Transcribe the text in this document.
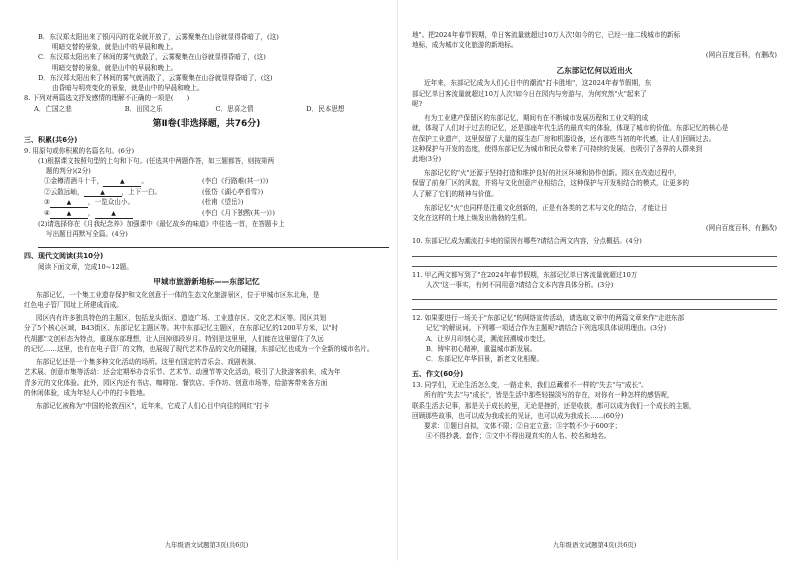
B．东汉郑太阳出来了银闪闪的花朵就开放了，云雾聚集在山谷就显得昏暗了，(这)
明暗交替的景象，就是山中的早晨和晚上。
C．东汉郑太阳出来了林间的雾气就散了，云雾聚集在山谷就显得昏暗了，(这)
明暗交替的景象，就是山中的早晨和晚上。
D．东汉郑太阳出来了林间的雾气就消散了，云雾聚集在山谷就显得昏暗了，(这)
由昏暗与明亮变化的景象，就是山中的早晨和晚上。
8. 下列对两篇选文抒发感情的理解不正确的一项是(　　)
A．亡国之悲	B．田园之乐	C．思喜之情	D．民本思想
第Ⅱ卷(非选择题，共76分)
三、积累(共6分)
9. 用原句或你积累的名篇名句。(6分)
(1)根据课文按照句型的上句和下句。(任选其中两题作答，如三题都答，则按第两
题的判分)(2分)
①金樽清酒斗十千，	▲	。	(李白《行路难(其一)》)
②云散远岫，	▲	，上下一白。	(张岱《湖心亭看雪》)
③	▲	，一览众山小。	(杜甫《望岳》)
④	▲	，	▲	(李白《月下独酌(其一)》)
(2)请选择你在《月我纪念养》加强课中《最忆故乡的味道》中往选一首，在答题卡上
写出题目再默写全篇。(4分)
四、现代文阅读(共10分)
阅读下面文章，完成10~12题。
甲城市旅游新地标——东部记忆
东部记忆，一个集工业遗存保护和文化创意于一体的生态文化旅游景区，位于甲城市区东北角，是
红色电子管厂园址上所建成而成。
园区内有许多独具特色的主题区，包括龙头街区、遗迹广场、工业遗存区、文化艺术区等。园区共划
分了5个核心区域，B43街区、东部记忆主题区等。其中东部记忆主题区，在东部记忆的1200平方米，以"时
代胡鄙"文创形态为特点，重现东部理想，让人回掉那段岁月。特别是这里里，人们能在这里留住了久远
的记忆……这里，也有在电子管厂的文物，也展现了现代艺术作品的文化的碰撞，东部记忆也成为一个全新的城市名片。
东部记忆还是一个集多种文化活动的场所。这里有国定的音乐会、戏剧表演、
艺术展、创意市集等活动：还会定期举办音乐节、艺术节、动漫节等文化活动，吸引了大批游客前来，成为年
青多元的文化体验。此外，园区内还有书店、咖啡馆、餐饮店、手作坊、创意市场等，给游客带来各方面
的休闲体验，成为年轻人心中的打卡胜地。
东部记忆被称为"中国的伦敦西区"，近年来，它成了人们心目中向往的网红"打卡
九年级语文试题第3页(共6页)
地"。把2024年春节假期，单日客流量就超过10万人次!如今的它，已经一座二线城市的新标
地标，成为城市文化旅游的新地标。
(网自百度百科，有删改)
乙东部记忆何以近出火
近年来，东部记忆成为人们心目中的潮流"打卡胜地"，这2024年春节假期，东
部记忆单日客流量就超过10万人次!如今日在园内与旁游与，为何究然"火"起来了
呢?
有为工业建产保留区的东部记忆，期间有在不断城市发展历程和工业文明的成
就，体现了人们对于过去的记忆，还是那座年代生活的最真实的体验，体现了城市的价值。东部记忆的核心是
在保护工业遗产，这里保留了大量的原生态厂房和机器设备，还有那些当初的年代感，让人们回顾过去。
这种保护与开发的态度，使得东部记忆为城市和民众带来了可持续的发展，也吸引了各界的人群来到
此地(3分)
东部记忆的"火"还源于坚持打造和维护良好的社区环境和协作创新。园区在改造过程中，
保留了前身厂区的风貌，并将与文化创意产业相结合，这种保护与开发相结合的模式，让更多的
人了解了它们的精神与价值。
东部记忆"火"也同样是注重文化创新的，正是有各类的艺术与文化的结合，才能让日
文化在这样的土地上焕发出勃勃的生机。
(网自百度百科，有删改)
10. 东部记忆成为潮流打卡地的原因有哪些?请结合两文内容，分点概括。(4分)
11. 甲乙两文都写到了"在2024年春节假期，东部记忆单日客流量就超过10万
人次"这一事实，有何不同用意?请结合文本内容具体分析。(3分)
12. 如果要进行一场关于"东部记忆"的网络宣传活动，请选取文章中的两篇文章来作"走进东部
记忆"的解说词。下列哪一项适合作为主题呢?请结合下列选项具体说明理由。(3分)
A．让岁月印刻心灵，溯流回溯城市变迁。
B．铸牢初心精神，重温城市新发展。
C．东部记忆年华旧景，新老文化相聚。
五、作文(60分)
13. 同学们，无论生活怎么变，一路走来，我们总藏着不一样的"失去"与"成长"。
所有的"失去"与"成长"，皆是生活中那些轻描淡写的存在，对你有一种怎样的感悟呢，
联系生活去记事，那是关于成长的里，无论是挫折，还是收获，都可以成为我们一个成长的主题，
回顾那些故事，也可以成为我成长的见证，也可以成为我成长……(60分)
要求：①题目自拟，文体不限；②自定立意；③字数不少于600字；
④不得抄袭、套作；⑤文中不得出现真实的人名、校名和地名。
九年级语文试题第4页(共6页)
